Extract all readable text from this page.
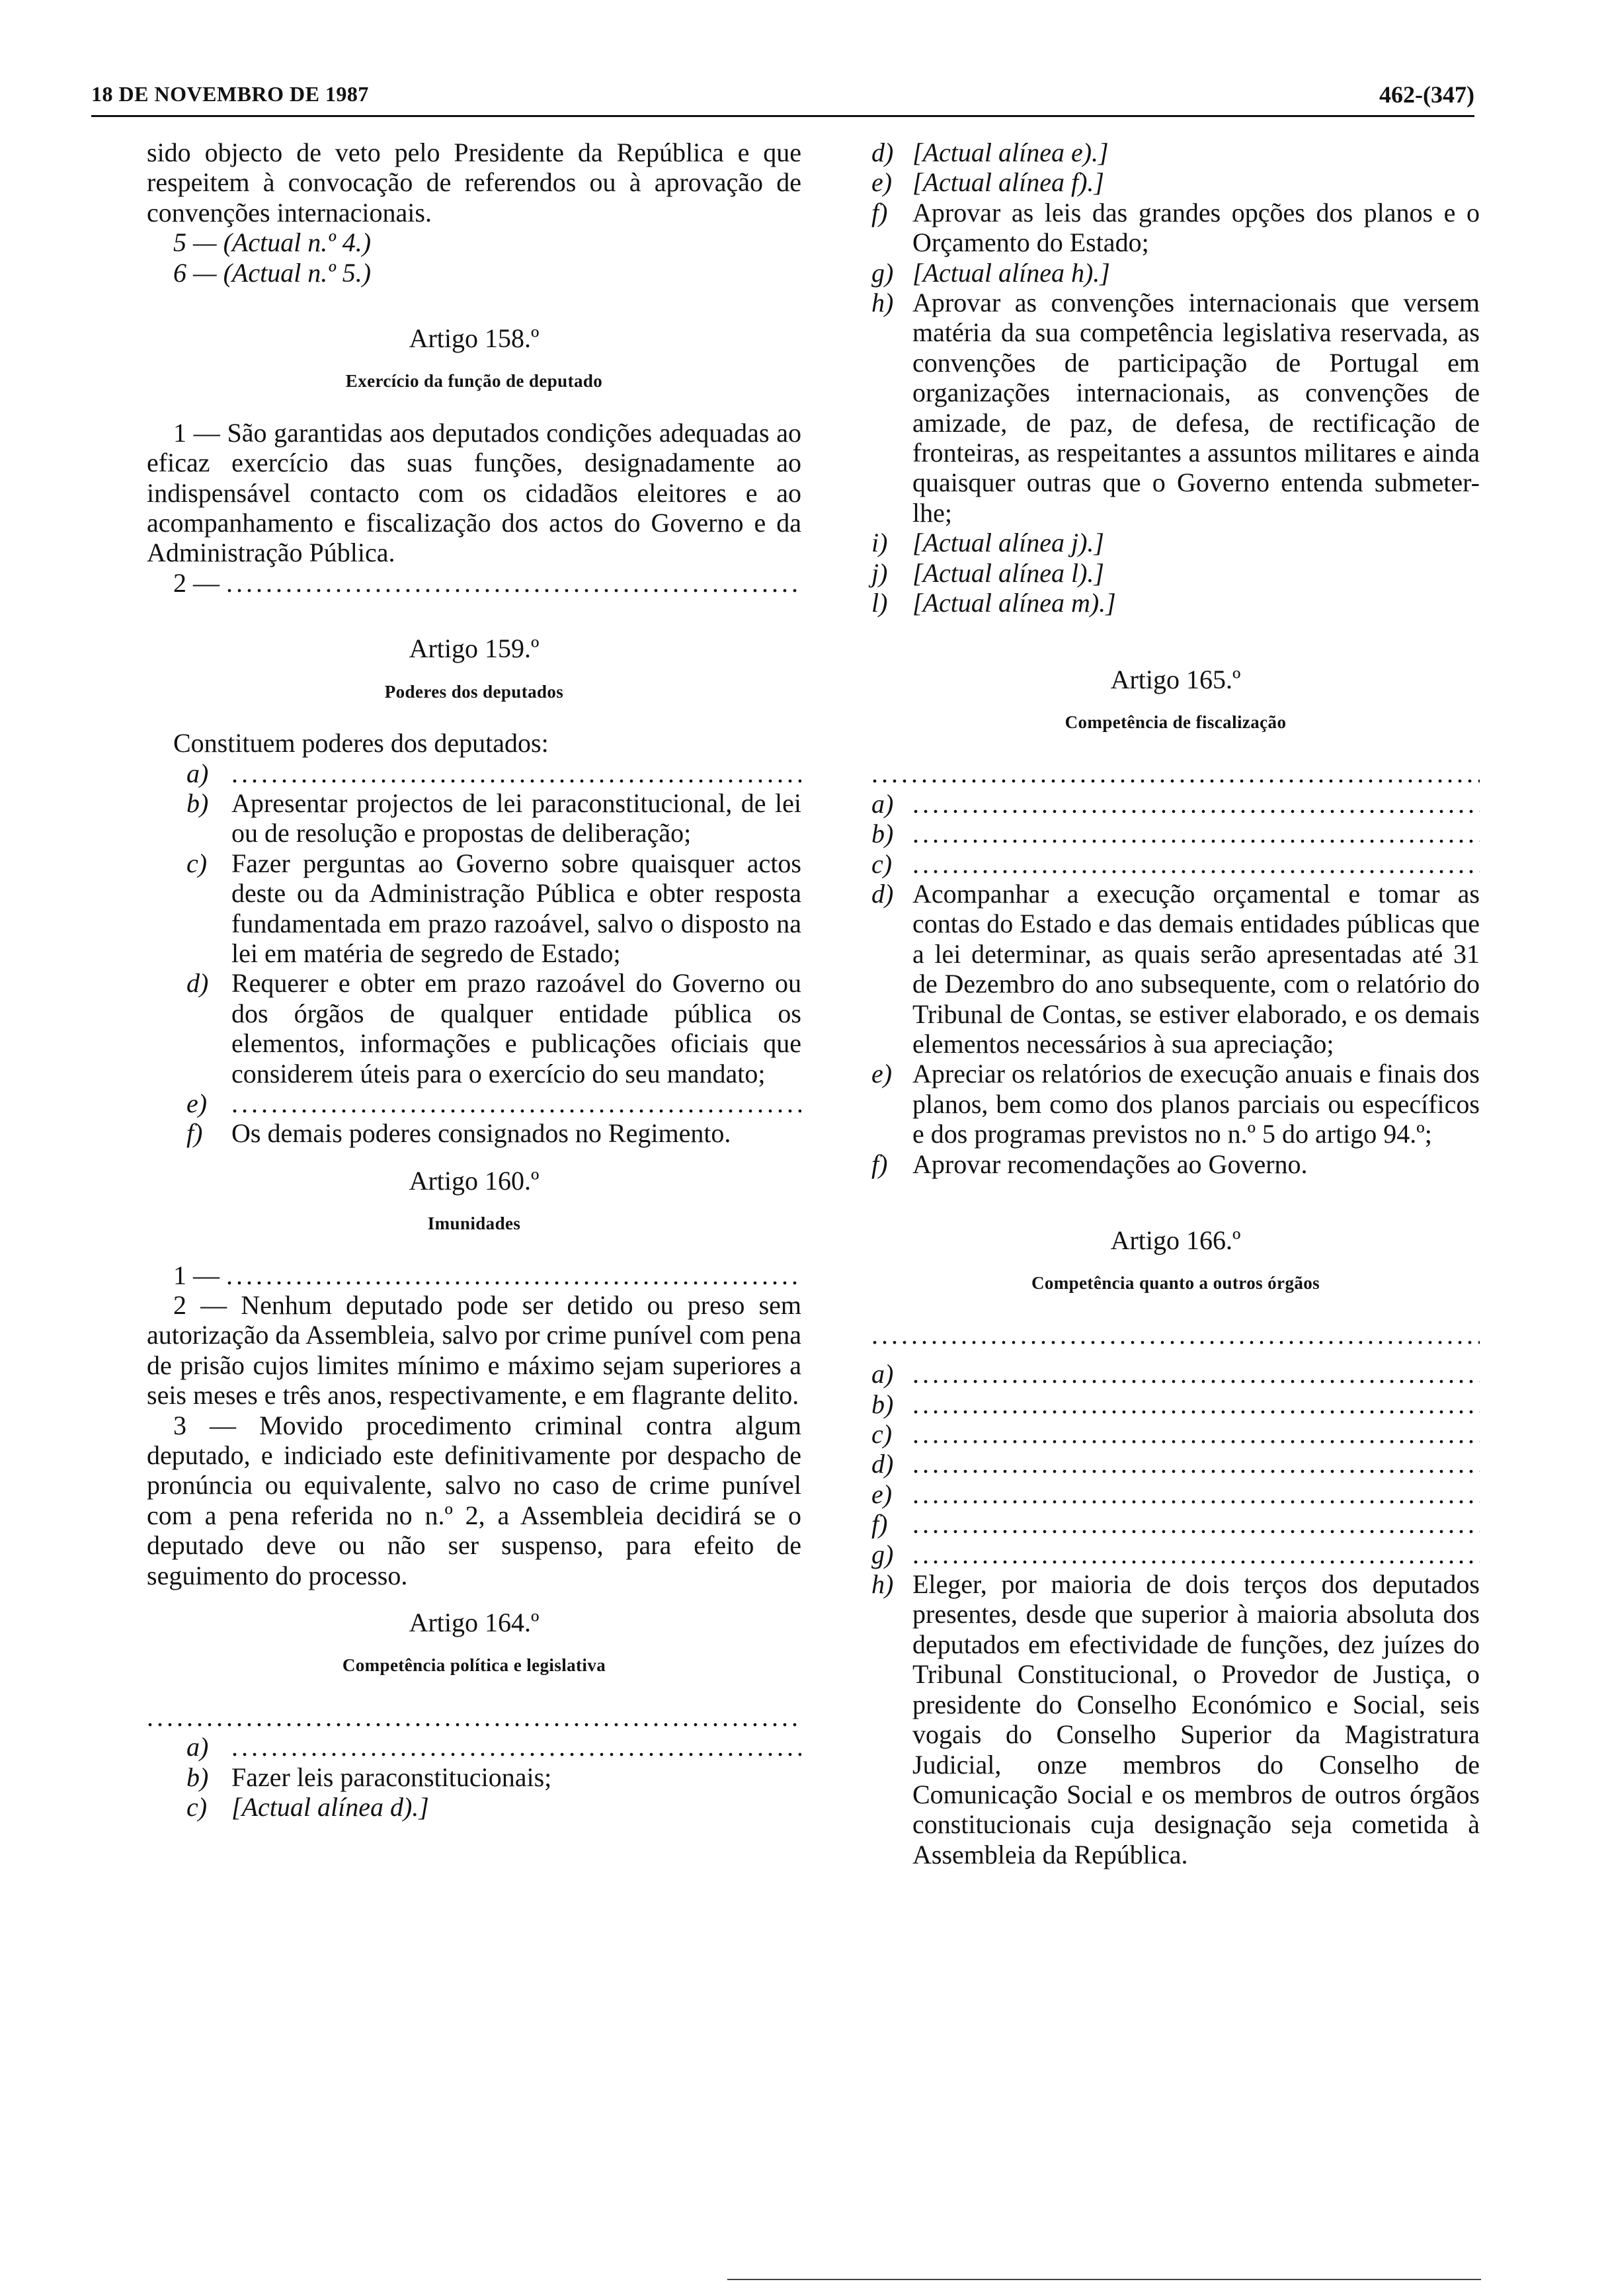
18 DE NOVEMBRO DE 1987	462-(347)

sido objecto de veto pelo Presidente da República e que respeitem à convocação de referendos ou à aprovação de convenções internacionais.

5 — (Actual n.º 4.)

6 — (Actual n.º 5.)

Artigo 158.º

Exercício da função de deputado

1 — São garantidas aos deputados condições adequadas ao eficaz exercício das suas funções, designadamente ao indispensável contacto com os cidadãos eleitores e ao acompanhamento e fiscalização dos actos do Governo e da Administração Pública.

2 —
.....

Artigo 159.º

Poderes dos deputados

Constituem poderes dos deputados:

a)
.....
b) Apresentar projectos de lei paraconstitucional, de lei ou de resolução e propostas de deliberação;
c) Fazer perguntas ao Governo sobre quaisquer actos deste ou da Administração Pública e obter resposta fundamentada em prazo razoável, salvo o disposto na lei em matéria de segredo de Estado;
d) Requerer e obter em prazo razoável do Governo ou dos órgãos de qualquer entidade pública os elementos, informações e publicações oficiais que considerem úteis para o exercício do seu mandato;
e)
.....
f)	Os demais poderes consignados no Regimento.

Artigo 160.º

Imunidades

1 —
.....

2 — Nenhum deputado pode ser detido ou preso sem autorização da Assembleia, salvo por crime punível com pena de prisão cujos limites mínimo e máximo sejam superiores a seis meses e três anos, respectivamente, e em flagrante delito.

3 — Movido procedimento criminal contra algum deputado, e indiciado este definitivamente por despacho de pronúncia ou equivalente, salvo no caso de crime punível com a pena referida no n.º 2, a Assembleia decidirá se o deputado deve ou não ser suspenso, para efeito de seguimento do processo.

Artigo 164.º

Competência política e legislativa

.....
a)
.....
b) Fazer leis paraconstitucionais;
c) [Actual alínea d).]
d) [Actual alínea e).]
e) [Actual alínea f).]
f) Aprovar as leis das grandes opções dos planos e o Orçamento do Estado;
g) [Actual alínea h).]
h) Aprovar as convenções internacionais que versem matéria da sua competência legislativa reservada, as convenções de participação de Portugal em organizações internacionais, as convenções de amizade, de paz, de defesa, de rectificação de fronteiras, as respeitantes a assuntos militares e ainda quaisquer outras que o Governo entenda submeter-lhe;
i) [Actual alínea j).]
j) [Actual alínea l).]
l) [Actual alínea m).]

Artigo 165.º

Competência de fiscalização

.....
a)
.....
b)
.....
c)
.....
d) Acompanhar a execução orçamental e tomar as contas do Estado e das demais entidades públicas que a lei determinar, as quais serão apresentadas até 31 de Dezembro do ano subsequente, com o relatório do Tribunal de Contas, se estiver elaborado, e os demais elementos necessários à sua apreciação;
e) Apreciar os relatórios de execução anuais e finais dos planos, bem como dos planos parciais ou específicos e dos programas previstos no n.º 5 do artigo 94.º;
f) Aprovar recomendações ao Governo.

Artigo 166.º

Competência quanto a outros órgãos

.....
a)
.....
b)
.....
c)
.....
d)
.....
e)
.....
f)
.....
g)
.....
h) Eleger, por maioria de dois terços dos deputados presentes, desde que superior à maioria absoluta dos deputados em efectividade de funções, dez juízes do Tribunal Constitucional, o Provedor de Justiça, o presidente do Conselho Económico e Social, seis vogais do Conselho Superior da Magistratura Judicial, onze membros do Conselho de Comunicação Social e os membros de outros órgãos constitucionais cuja designação seja cometida à Assembleia da República.
